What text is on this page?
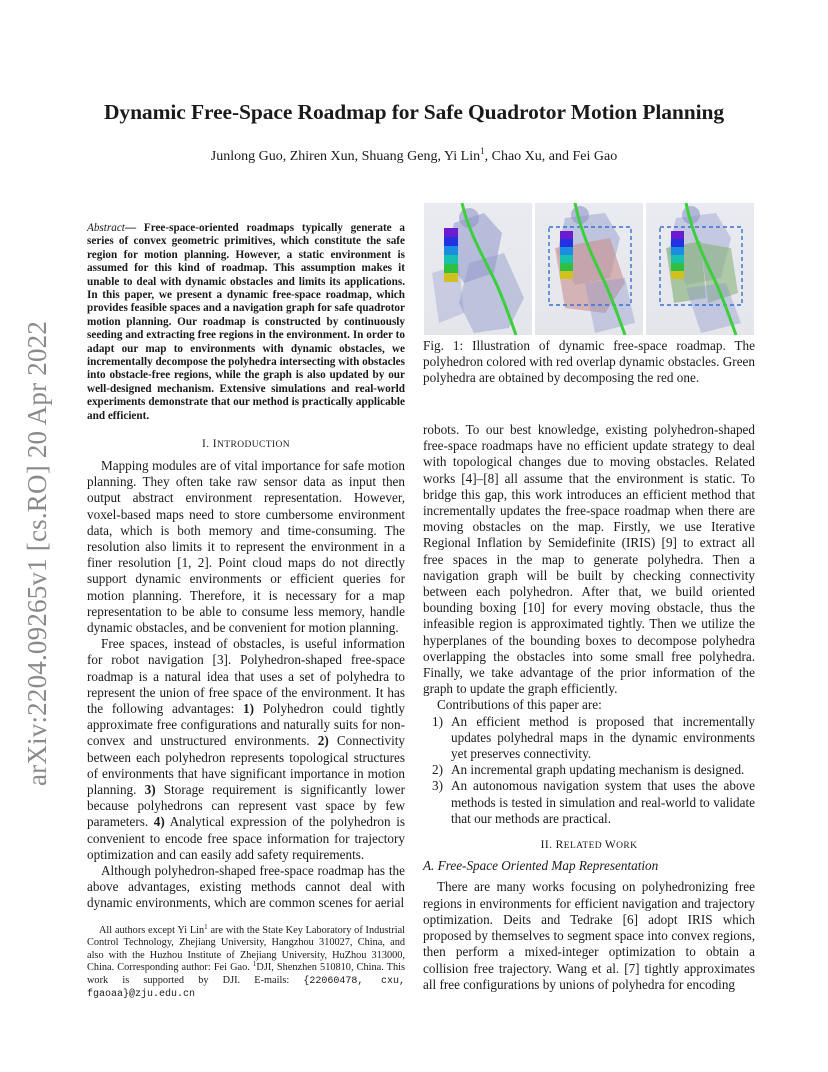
Dynamic Free-Space Roadmap for Safe Quadrotor Motion Planning
Junlong Guo, Zhiren Xun, Shuang Geng, Yi Lin$^1$, Chao Xu, and Fei Gao
arXiv:2204.09265v1 [cs.RO] 20 Apr 2022
Abstract— Free-space-oriented roadmaps typically generate a series of convex geometric primitives, which constitute the safe region for motion planning. However, a static environment is assumed for this kind of roadmap. This assumption makes it unable to deal with dynamic obstacles and limits its applications. In this paper, we present a dynamic free-space roadmap, which provides feasible spaces and a navigation graph for safe quadrotor motion planning. Our roadmap is constructed by continuously seeding and extracting free regions in the environment. In order to adapt our map to environments with dynamic obstacles, we incrementally decompose the polyhedra intersecting with obstacles into obstacle-free regions, while the graph is also updated by our well-designed mechanism. Extensive simulations and real-world experiments demonstrate that our method is practically applicable and efficient.
I. INTRODUCTION

Mapping modules are of vital importance for safe motion planning. They often take raw sensor data as input then output abstract environment representation. However, voxel-based maps need to store cumbersome environment data, which is both memory and time-consuming. The resolution also limits it to represent the environment in a finer resolution [1, 2]. Point cloud maps do not directly support dynamic environments or efficient queries for motion planning. Therefore, it is necessary for a map representation to be able to consume less memory, handle dynamic obstacles, and be convenient for motion planning.

Free spaces, instead of obstacles, is useful information for robot navigation [3]. Polyhedron-shaped free-space roadmap is a natural idea that uses a set of polyhedra to represent the union of free space of the environment. It has the following advantages: 1) Polyhedron could tightly approximate free configurations and naturally suits for non-convex and unstructured environments. 2) Connectivity between each polyhedron represents topological structures of environments that have significant importance in motion planning. 3) Storage requirement is significantly lower because polyhedrons can represent vast space by few parameters. 4) Analytical expression of the polyhedron is convenient to encode free space information for trajectory optimization and can easily add safety requirements.

Although polyhedron-shaped free-space roadmap has the above advantages, existing methods cannot deal with dynamic environments, which are common scenes for aerial

All authors except Yi Lin$^1$ are with the State Key Laboratory of Industrial Control Technology, Zhejiang University, Hangzhou 310027, China, and also with the Huzhou Institute of Zhejiang University, HuZhou 313000, China. Corresponding author: Fei Gao. $^1$DJI, Shenzhen 510810, China. This work is supported by DJI. E-mails: {22060478, cxu, fgaoaa}@zju.edu.cn
Fig. 1: Illustration of dynamic free-space roadmap. The polyhedron colored with red overlap dynamic obstacles. Green polyhedra are obtained by decomposing the red one.

robots. To our best knowledge, existing polyhedron-shaped free-space roadmaps have no efficient update strategy to deal with topological changes due to moving obstacles. Related works [4]–[8] all assume that the environment is static. To bridge this gap, this work introduces an efficient method that incrementally updates the free-space roadmap when there are moving obstacles on the map. Firstly, we use Iterative Regional Inflation by Semidefinite (IRIS) [9] to extract all free spaces in the map to generate polyhedra. Then a navigation graph will be built by checking connectivity between each polyhedron. After that, we build oriented bounding boxing [10] for every moving obstacle, thus the infeasible region is approximated tightly. Then we utilize the hyperplanes of the bounding boxes to decompose polyhedra overlapping the obstacles into some small free polyhedra. Finally, we take advantage of the prior information of the graph to update the graph efficiently.

Contributions of this paper are:

1) An efficient method is proposed that incrementally updates polyhedral maps in the dynamic environments yet preserves connectivity.
2) An incremental graph updating mechanism is designed.
3) An autonomous navigation system that uses the above methods is tested in simulation and real-world to validate that our methods are practical.
II. RELATED WORK
A. Free-Space Oriented Map Representation

There are many works focusing on polyhedronizing free regions in environments for efficient navigation and trajectory optimization. Deits and Tedrake [6] adopt IRIS which proposed by themselves to segment space into convex regions, then perform a mixed-integer optimization to obtain a collision free trajectory. Wang et al. [7] tightly approximates all free configurations by unions of polyhedra for encoding
